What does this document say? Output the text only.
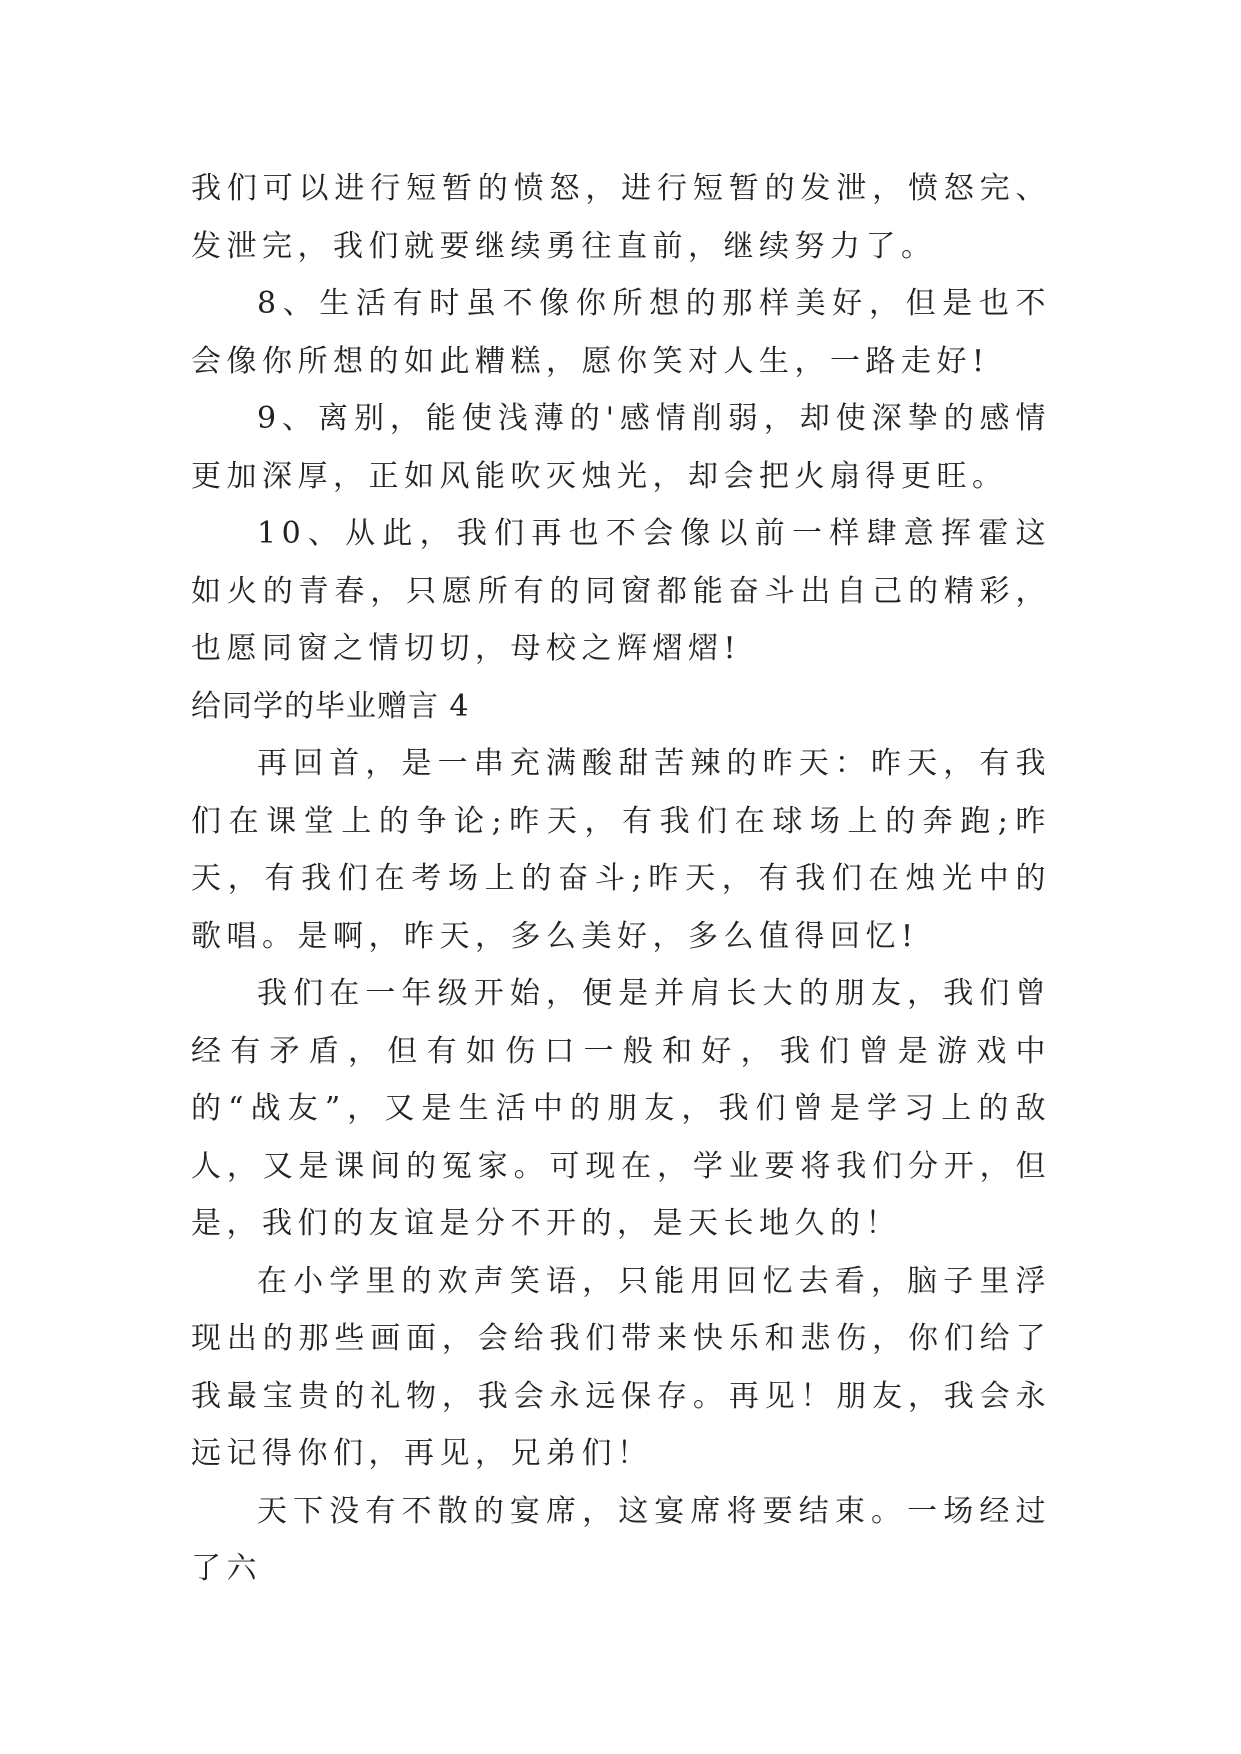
我们可以进行短暂的愤怒，进行短暂的发泄，愤怒完、发泄完，我们就要继续勇往直前，继续努力了。

8、生活有时虽不像你所想的那样美好，但是也不会像你所想的如此糟糕，愿你笑对人生，一路走好!

9、离别，能使浅薄的'感情削弱，却使深挚的感情更加深厚，正如风能吹灭烛光，却会把火扇得更旺。

10、从此，我们再也不会像以前一样肆意挥霍这如火的青春，只愿所有的同窗都能奋斗出自己的精彩，也愿同窗之情切切，母校之辉熠熠!

给同学的毕业赠言 4

再回首，是一串充满酸甜苦辣的昨天：昨天，有我们在课堂上的争论;昨天，有我们在球场上的奔跑;昨天，有我们在考场上的奋斗;昨天，有我们在烛光中的歌唱。是啊，昨天，多么美好，多么值得回忆!

我们在一年级开始，便是并肩长大的朋友，我们曾经有矛盾，但有如伤口一般和好，我们曾是游戏中的“战友”，又是生活中的朋友，我们曾是学习上的敌人，又是课间的冤家。可现在，学业要将我们分开，但是，我们的友谊是分不开的，是天长地久的！

在小学里的欢声笑语，只能用回忆去看，脑子里浮现出的那些画面，会给我们带来快乐和悲伤，你们给了我最宝贵的礼物，我会永远保存。再见！朋友，我会永远记得你们，再见，兄弟们！

天下没有不散的宴席，这宴席将要结束。一场经过了六
